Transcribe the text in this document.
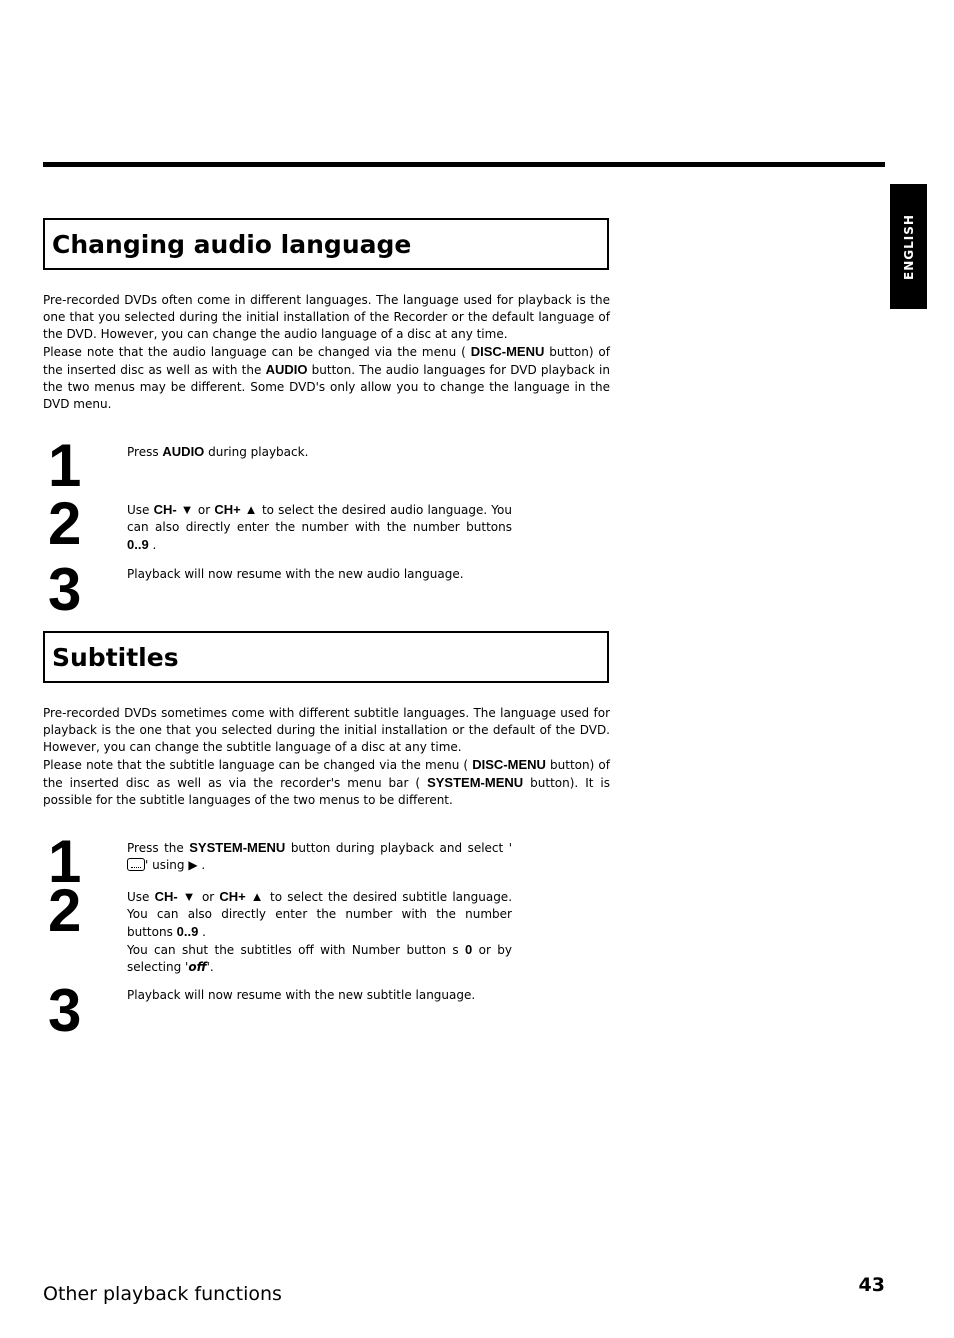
ENGLISH
Changing audio language

Pre-recorded DVDs often come in different languages. The language used for playback is the one that you selected during the initial installation of the Recorder or the default language of the DVD. However, you can change the audio language of a disc at any time.

Please note that the audio language can be changed via the menu ( DISC-MENU button) of the inserted disc as well as with the AUDIO button. The audio languages for DVD playback in the two menus may be different. Some DVD's only allow you to change the language in the DVD menu.

1	Press AUDIO during playback.
2	Use CH- ▼ or CH+ ▲ to select the desired audio language. You can also directly enter the number with the number buttons 0..9 .
3	Playback will now resume with the new audio language.
Subtitles

Pre-recorded DVDs sometimes come with different subtitle languages. The language used for playback is the one that you selected during the initial installation or the default of the DVD. However, you can change the subtitle language of a disc at any time.

Please note that the subtitle language can be changed via the menu ( DISC-MENU button) of the inserted disc as well as via the recorder's menu bar ( SYSTEM-MENU button). It is possible for the subtitle languages of the two menus to be different.

1	Press the SYSTEM-MENU button during playback and select '' using ▶ .
2	Use CH- ▼ or CH+ ▲ to select the desired subtitle language. You can also directly enter the number with the number buttons 0..9 .
You can shut the subtitles off with Number button s 0 or by selecting 'off'.
3	Playback will now resume with the new subtitle language.
Other playback functions	43
